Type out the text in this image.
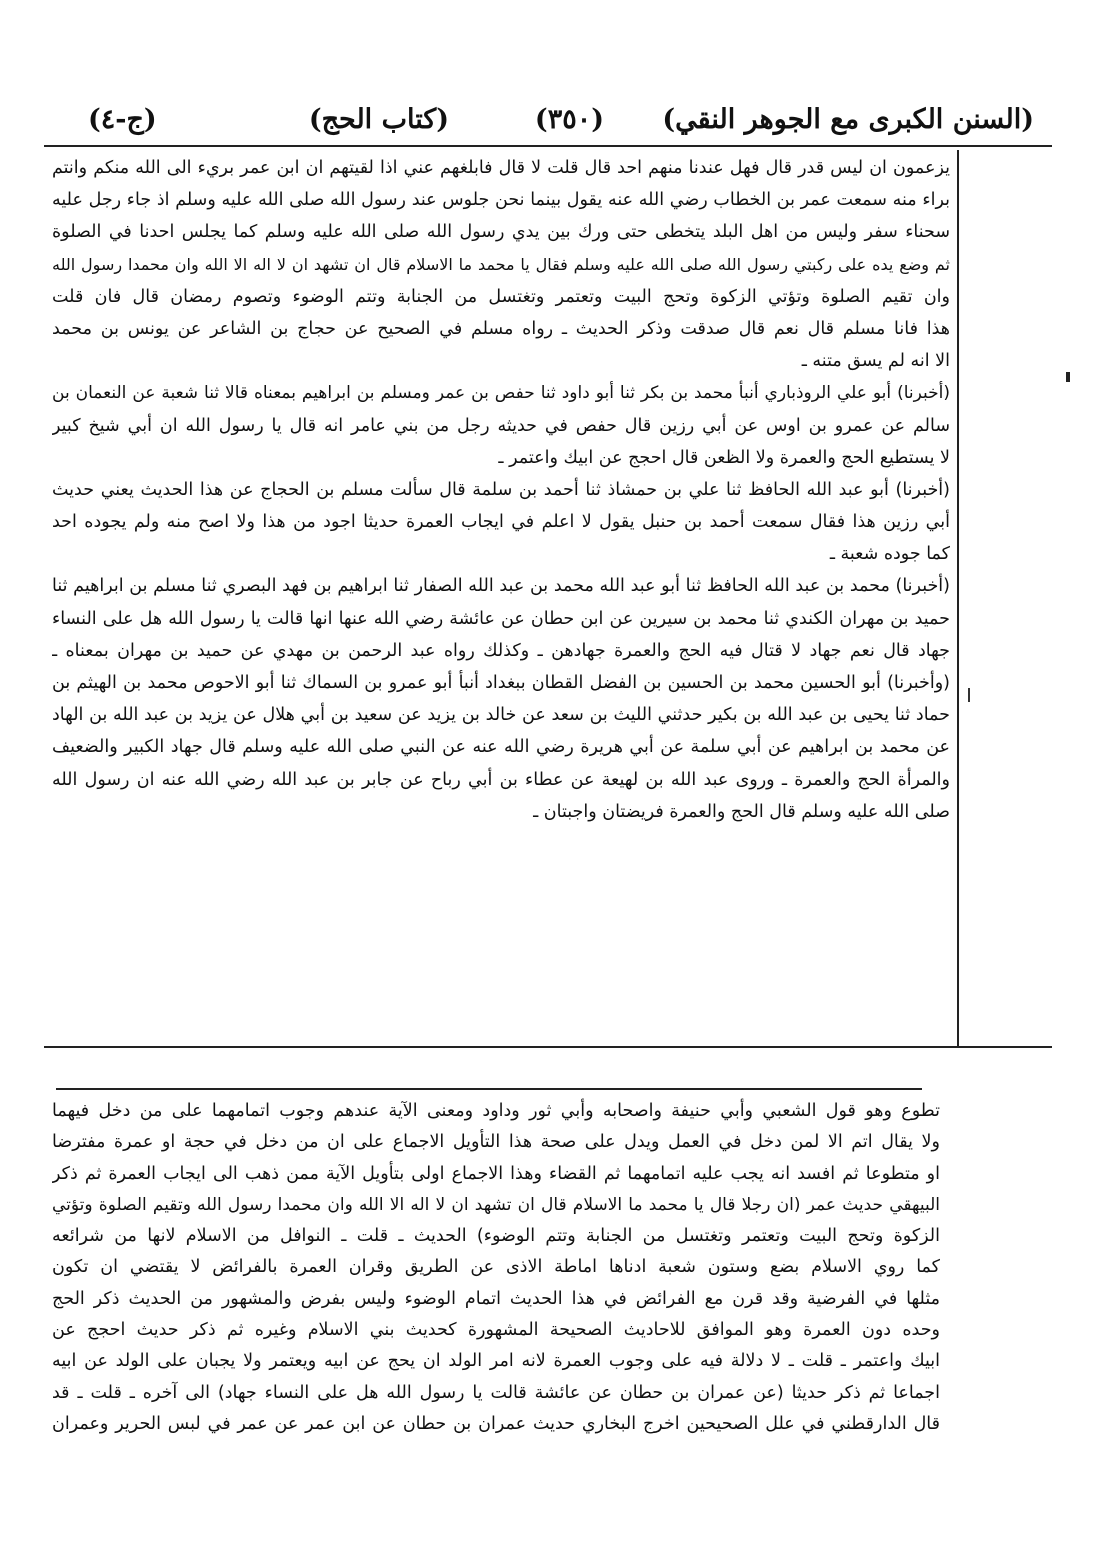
(السنن الكبرى مع الجوهر النقي)
(٣٥٠)
(كتاب الحج)
(ج-٤)
يزعمون ان ليس قدر قال فهل عندنا منهم احد قال قلت لا قال فابلغهم عني اذا لقيتهم ان ابن عمر بريء الى الله منكم وانتم
براء منه سمعت عمر بن الخطاب رضي الله عنه يقول بينما نحن جلوس عند رسول الله صلى الله عليه وسلم اذ جاء رجل عليه
سحناء سفر وليس من اهل البلد يتخطى حتى ورك بين يدي رسول الله صلى الله عليه وسلم كما يجلس احدنا في الصلوة
ثم وضع يده على ركبتي رسول الله صلى الله عليه وسلم فقال يا محمد ما الاسلام قال ان تشهد ان لا اله الا الله وان محمدا رسول الله
وان تقيم الصلوة وتؤتي الزكوة وتحج البيت وتعتمر وتغتسل من الجنابة وتتم الوضوء وتصوم رمضان قال فان قلت
هذا فانا مسلم قال نعم قال صدقت وذكر الحديث ـ رواه مسلم في الصحيح عن حجاج بن الشاعر عن يونس بن محمد
الا انه لم يسق متنه ـ
(أخبرنا) أبو علي الروذباري أنبأ محمد بن بكر ثنا أبو داود ثنا حفص بن عمر ومسلم بن ابراهيم بمعناه قالا ثنا شعبة عن النعمان بن
سالم عن عمرو بن اوس عن أبي رزين قال حفص في حديثه رجل من بني عامر انه قال يا رسول الله ان أبي شيخ كبير
لا يستطيع الحج والعمرة ولا الظعن قال احجج عن ابيك واعتمر ـ
(أخبرنا) أبو عبد الله الحافظ ثنا علي بن حمشاذ ثنا أحمد بن سلمة قال سألت مسلم بن الحجاج عن هذا الحديث يعني حديث
أبي رزين هذا فقال سمعت أحمد بن حنبل يقول لا اعلم في ايجاب العمرة حديثا اجود من هذا ولا اصح منه ولم يجوده احد
كما جوده شعبة ـ
(أخبرنا) محمد بن عبد الله الحافظ ثنا أبو عبد الله محمد بن عبد الله الصفار ثنا ابراهيم بن فهد البصري ثنا مسلم بن ابراهيم ثنا
حميد بن مهران الكندي ثنا محمد بن سيرين عن ابن حطان عن عائشة رضي الله عنها انها قالت يا رسول الله هل على النساء
جهاد قال نعم جهاد لا قتال فيه الحج والعمرة جهادهن ـ وكذلك رواه عبد الرحمن بن مهدي عن حميد بن مهران بمعناه ـ
(وأخبرنا) أبو الحسين محمد بن الحسين بن الفضل القطان ببغداد أنبأ أبو عمرو بن السماك ثنا أبو الاحوص محمد بن الهيثم بن
حماد ثنا يحيى بن عبد الله بن بكير حدثني الليث بن سعد عن خالد بن يزيد عن سعيد بن أبي هلال عن يزيد بن عبد الله بن الهاد
عن محمد بن ابراهيم عن أبي سلمة عن أبي هريرة رضي الله عنه عن النبي صلى الله عليه وسلم قال جهاد الكبير والضعيف
والمرأة الحج والعمرة ـ وروى عبد الله بن لهيعة عن عطاء بن أبي رباح عن جابر بن عبد الله رضي الله عنه ان رسول الله
صلى الله عليه وسلم قال الحج والعمرة فريضتان واجبتان ـ
تطوع وهو قول الشعبي وأبي حنيفة واصحابه وأبي ثور وداود ومعنى الآية عندهم وجوب اتمامهما على من دخل فيهما
ولا يقال اتم الا لمن دخل في العمل ويدل على صحة هذا التأويل الاجماع على ان من دخل في حجة او عمرة مفترضا
او متطوعا ثم افسد انه يجب عليه اتمامهما ثم القضاء وهذا الاجماع اولى بتأويل الآية ممن ذهب الى ايجاب العمرة ثم ذكر
البيهقي حديث عمر (ان رجلا قال يا محمد ما الاسلام قال ان تشهد ان لا اله الا الله وان محمدا رسول الله وتقيم الصلوة وتؤتي
الزكوة وتحج البيت وتعتمر وتغتسل من الجنابة وتتم الوضوء) الحديث ـ قلت ـ النوافل من الاسلام لانها من شرائعه
كما روي الاسلام بضع وستون شعبة ادناها اماطة الاذى عن الطريق وقران العمرة بالفرائض لا يقتضي ان تكون
مثلها في الفرضية وقد قرن مع الفرائض في هذا الحديث اتمام الوضوء وليس بفرض والمشهور من الحديث ذكر الحج
وحده دون العمرة وهو الموافق للاحاديث الصحيحة المشهورة كحديث بني الاسلام وغيره ثم ذكر حديث احجج عن
ابيك واعتمر ـ قلت ـ لا دلالة فيه على وجوب العمرة لانه امر الولد ان يحج عن ابيه ويعتمر ولا يجبان على الولد عن ابيه
اجماعا ثم ذكر حديثا (عن عمران بن حطان عن عائشة قالت يا رسول الله هل على النساء جهاد) الى آخره ـ قلت ـ قد
قال الدارقطني في علل الصحيحين اخرج البخاري حديث عمران بن حطان عن ابن عمر عن عمر في لبس الحرير وعمران
